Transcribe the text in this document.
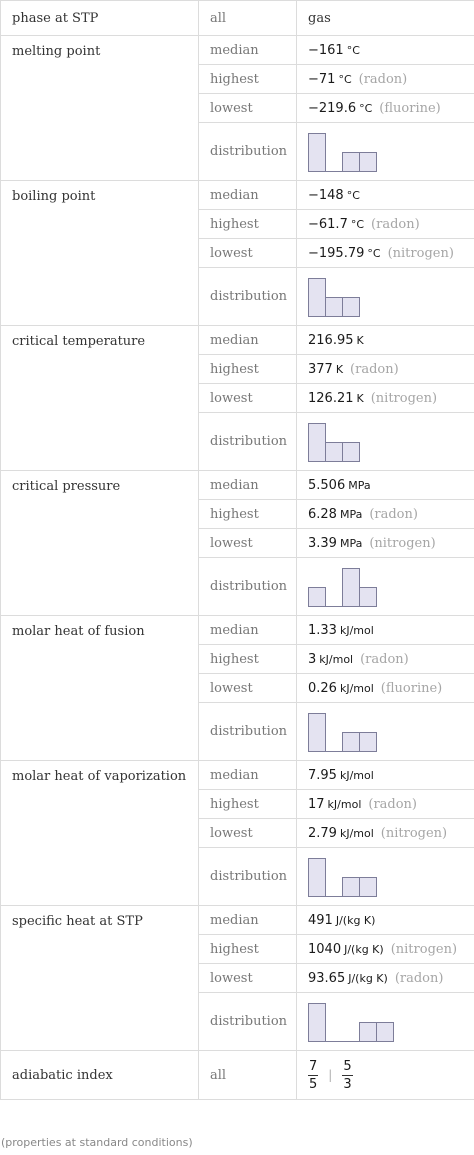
phase at STP	all	gas
melting point	median	−161 °C
	highest	−71 °C (radon)
	lowest	−219.6 °C (fluorine)
	distribution	

boiling point	median	−148 °C
	highest	−61.7 °C (radon)
	lowest	−195.79 °C (nitrogen)
	distribution	

critical temperature	median	216.95 K
	highest	377 K (radon)
	lowest	126.21 K (nitrogen)
	distribution	

critical pressure	median	5.506 MPa
	highest	6.28 MPa (radon)
	lowest	3.39 MPa (nitrogen)
	distribution	

molar heat of fusion	median	1.33 kJ/mol
	highest	3 kJ/mol (radon)
	lowest	0.26 kJ/mol (fluorine)
	distribution	

molar heat of vaporization	median	7.95 kJ/mol
	highest	17 kJ/mol (radon)
	lowest	2.79 kJ/mol (nitrogen)
	distribution	

specific heat at STP	median	491 J/(kg K)
	highest	1040 J/(kg K) (nitrogen)
	lowest	93.65 J/(kg K) (radon)
	distribution	

adiabatic index	all	$\frac{7}{5}$ | $\frac{5}{3}$
(properties at standard conditions)
